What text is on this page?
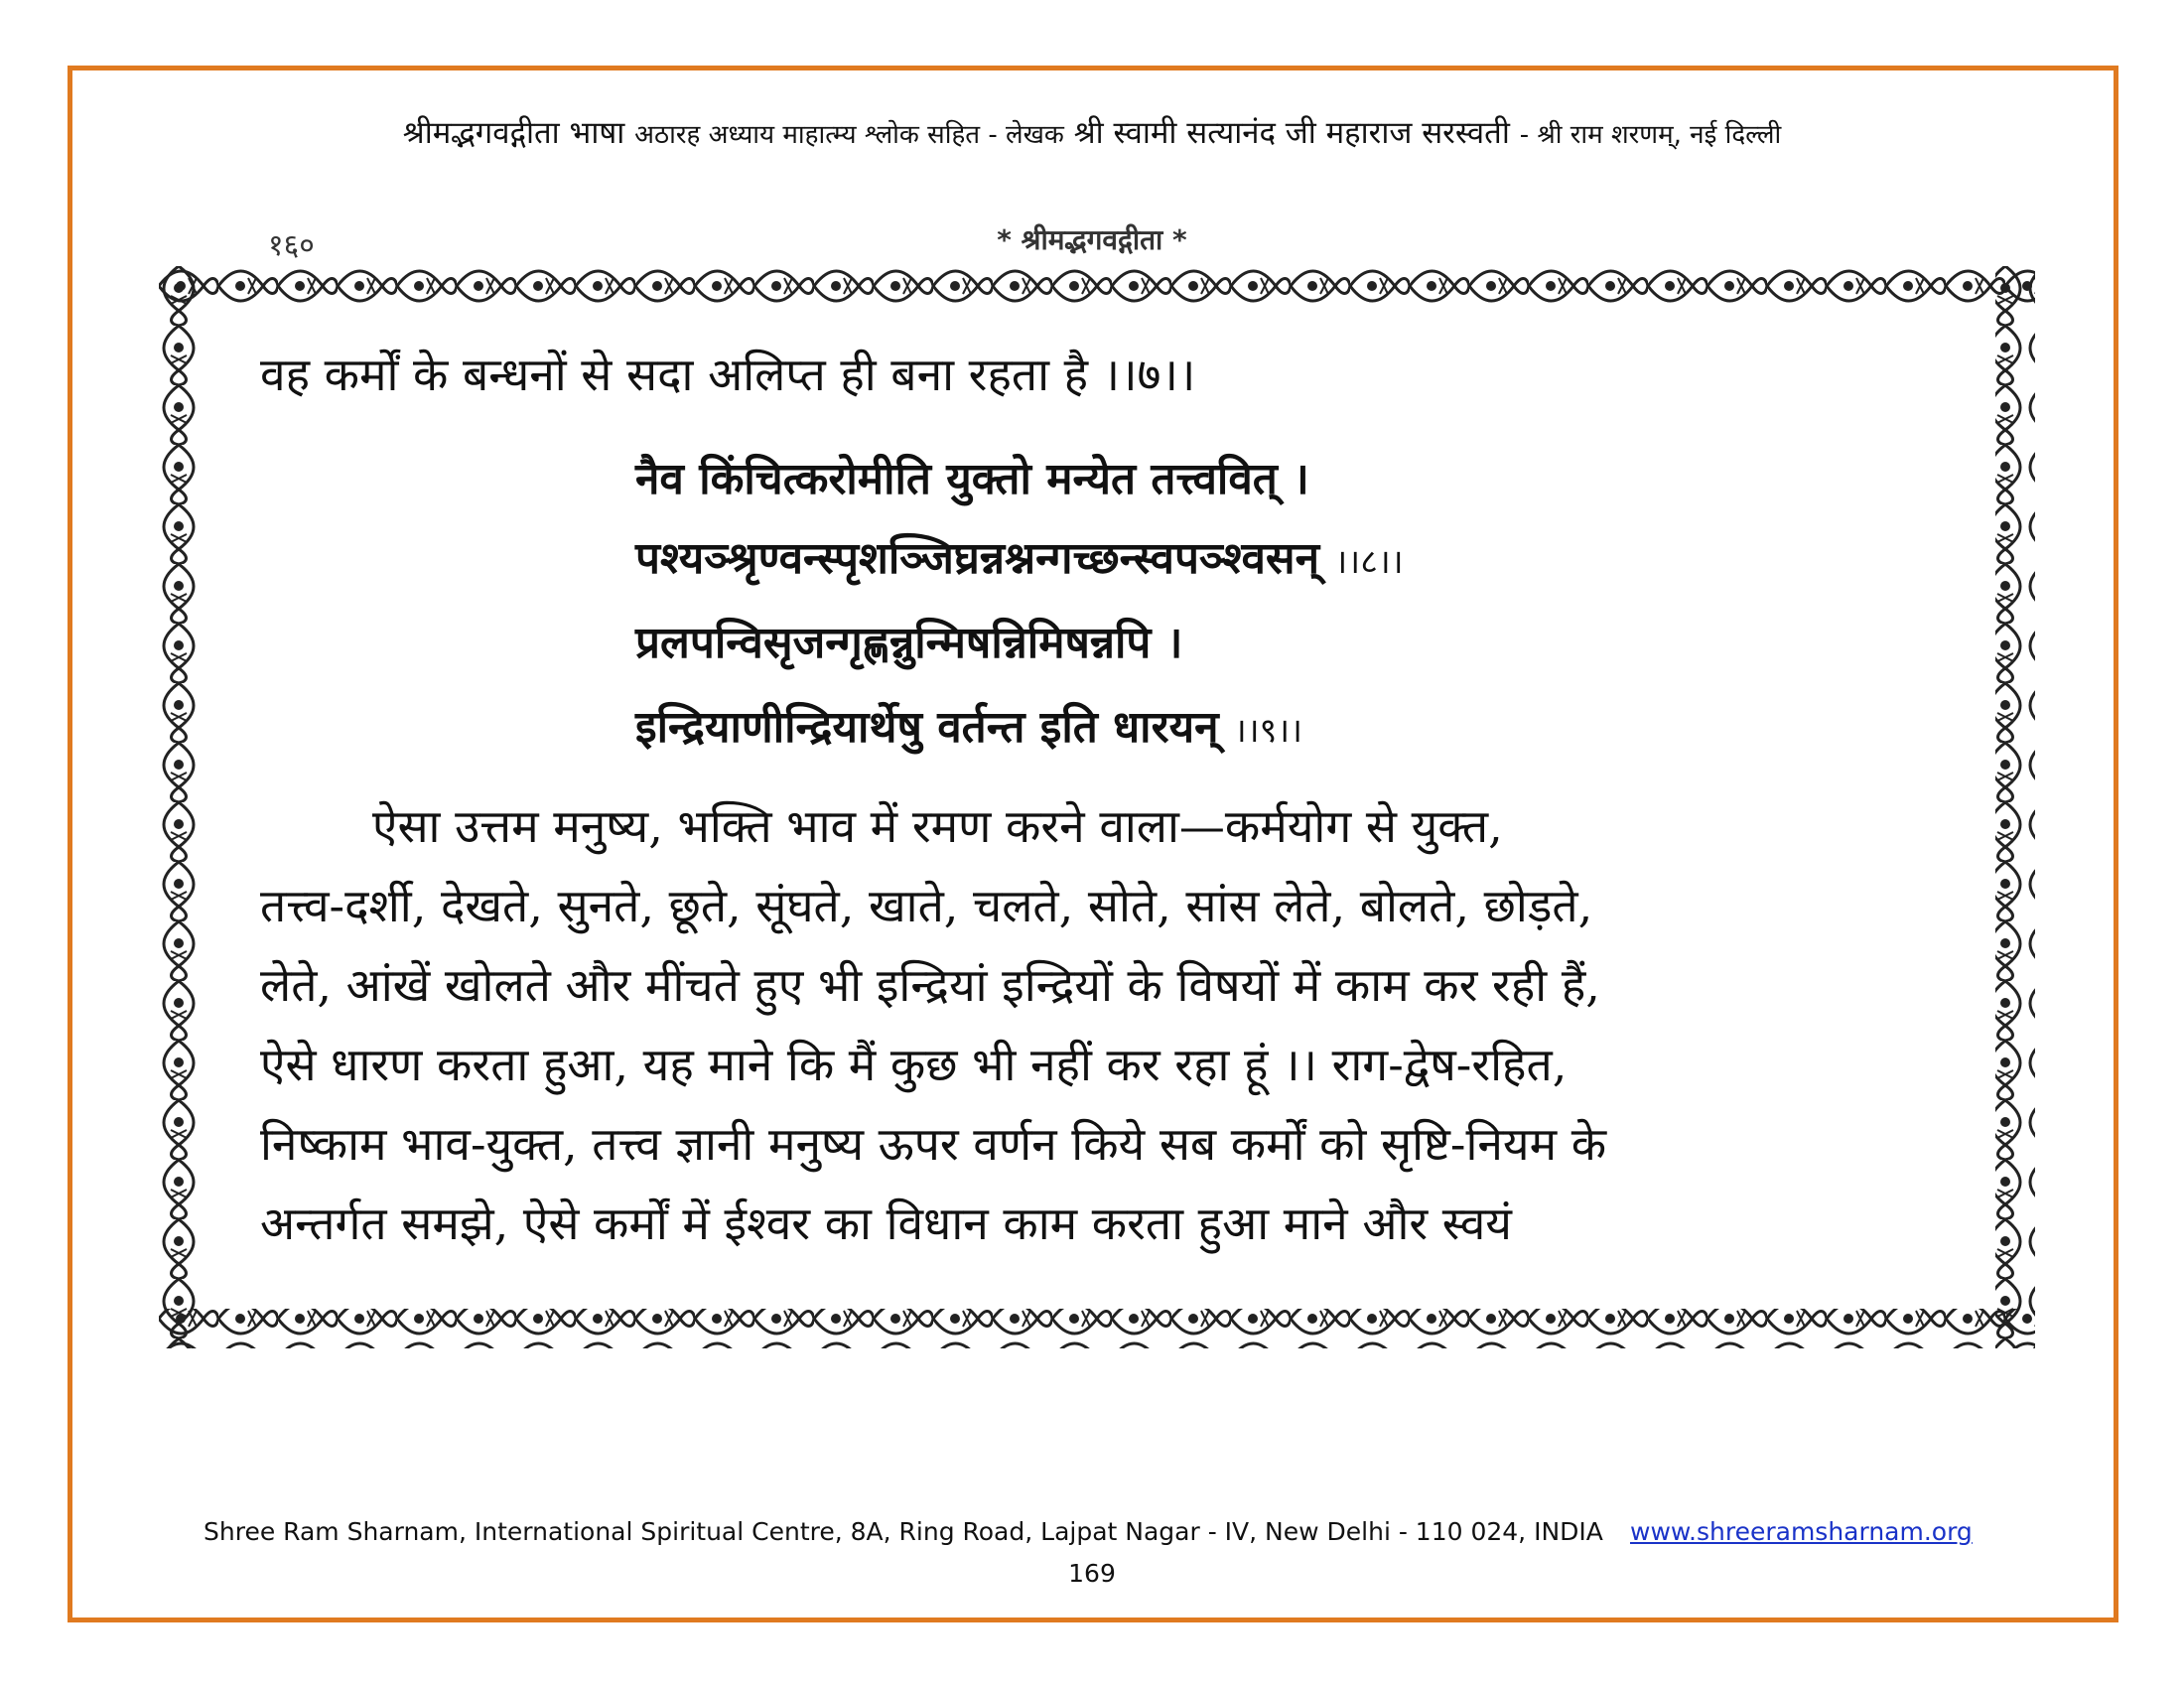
श्रीमद्भगवद्गीता भाषा अठारह अध्याय माहात्म्य श्लोक सहित - लेखक श्री स्वामी सत्यानंद जी महाराज सरस्वती - श्री राम शरणम्, नई दिल्ली
१६०	* श्रीमद्भगवद्गीता *
वह कर्मों के बन्धनों से सदा अलिप्त ही बना रहता है ।।७।।
नैव किंचित्करोमीति युक्तो मन्येत तत्त्ववित् ।
पश्यञ्श्रृण्वन्स्पृशञ्जिघ्रन्नश्नन्गच्छन्स्वपञ्श्वसन् ।।८।।
प्रलपन्विसृजन्गृह्णन्नुन्मिषन्निमिषन्नपि ।
इन्द्रियाणीन्द्रियार्थेषु वर्तन्त इति धारयन् ।।९।।
ऐसा उत्तम मनुष्य, भक्ति भाव में रमण करने वाला—कर्मयोग से युक्त,
तत्त्व-दर्शी, देखते, सुनते, छूते, सूंघते, खाते, चलते, सोते, सांस लेते, बोलते, छोड़ते,
लेते, आंखें खोलते और मींचते हुए भी इन्द्रियां इन्द्रियों के विषयों में काम कर रही हैं,
ऐसे धारण करता हुआ, यह माने कि मैं कुछ भी नहीं कर रहा हूं ।। राग-द्वेष-रहित,
निष्काम भाव-युक्त, तत्त्व ज्ञानी मनुष्य ऊपर वर्णन किये सब कर्मों को सृष्टि-नियम के
अन्तर्गत समझे, ऐसे कर्मों में ईश्वर का विधान काम करता हुआ माने और स्वयं
Shree Ram Sharnam, International Spiritual Centre, 8A, Ring Road, Lajpat Nagar - IV, New Delhi - 110 024, INDIA www.shreeramsharnam.org
169
